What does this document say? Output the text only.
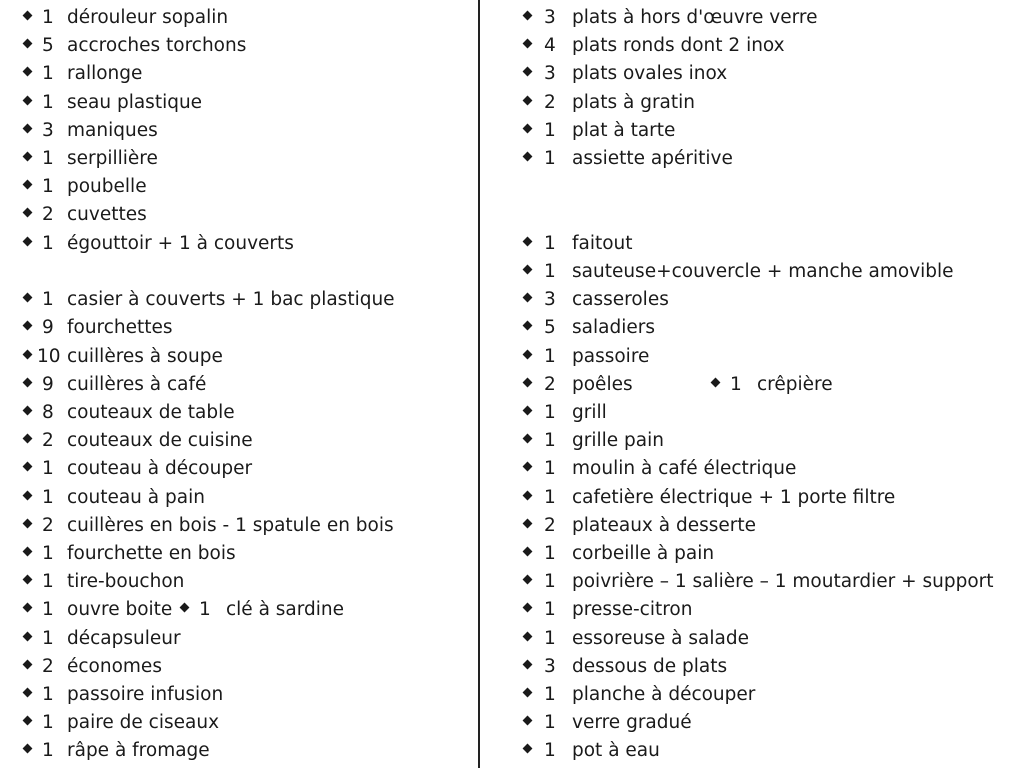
1 dérouleur sopalin
5 accroches torchons
1 rallonge
1 seau plastique
3 maniques
1 serpillière
1 poubelle
2 cuvettes
1 égouttoir + 1 à couverts
1 casier à couverts + 1 bac plastique
9 fourchettes
10 cuillères à soupe
9 cuillères à café
8 couteaux de table
2 couteaux de cuisine
1 couteau à découper
1 couteau à pain
2 cuillères en bois - 1 spatule en bois
1 fourchette en bois
1 tire-bouchon
1 ouvre boite 1 clé à sardine
1 décapsuleur
2 économes
1 passoire infusion
1 paire de ciseaux
1 râpe à fromage
3 plats à hors d'œuvre verre
4 plats ronds dont 2 inox
3 plats ovales inox
2 plats à gratin
1 plat à tarte
1 assiette apéritive
1 faitout
1 sauteuse+couvercle + manche amovible
3 casseroles
5 saladiers
1 passoire
2 poêles	1 crêpière
1 grill
1 grille pain
1 moulin à café électrique
1 cafetière électrique + 1 porte filtre
2 plateaux à desserte
1 corbeille à pain
1 poivrière – 1 salière – 1 moutardier + support
1 presse-citron
1 essoreuse à salade
3 dessous de plats
1 planche à découper
1 verre gradué
1 pot à eau
